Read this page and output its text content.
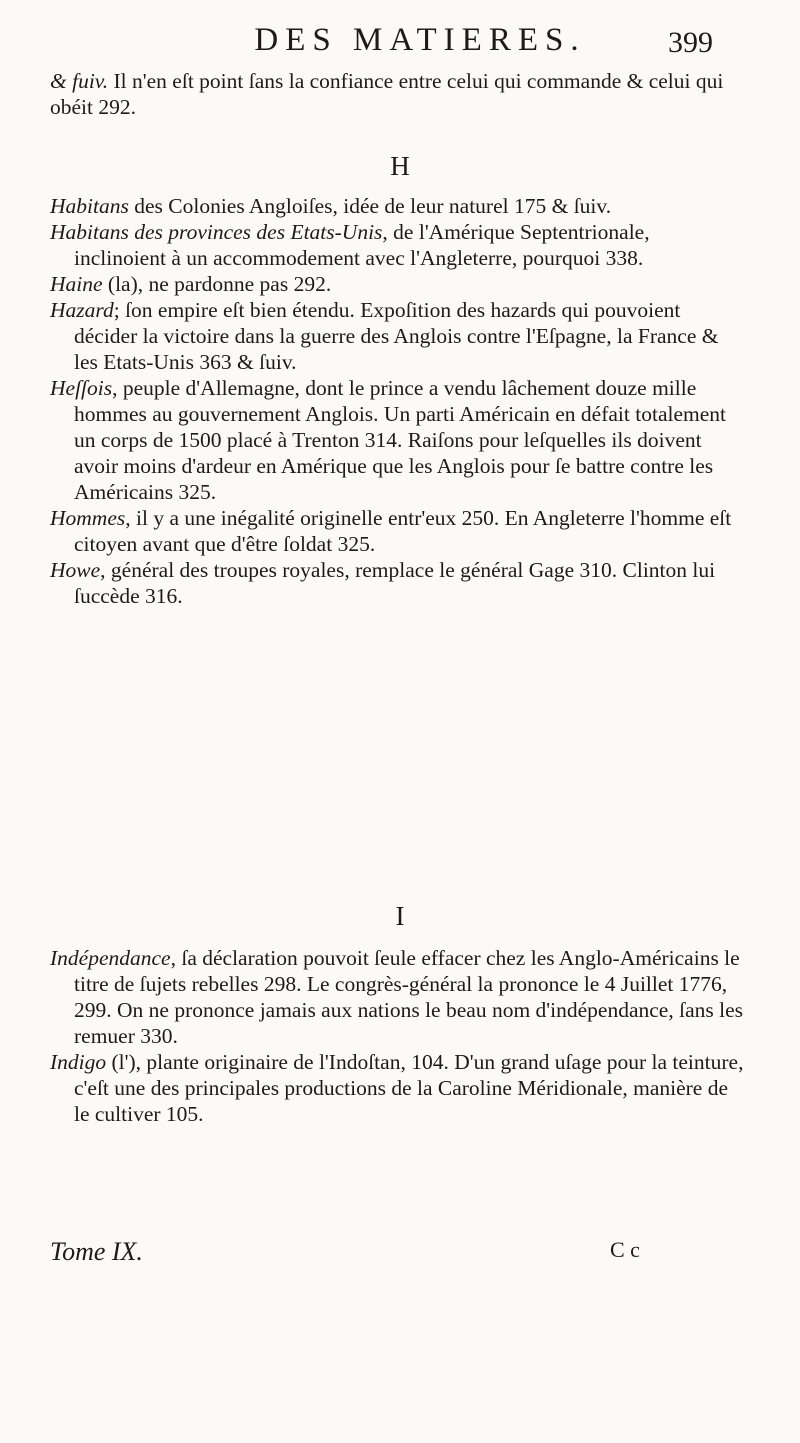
DES MATIERES.	399
& fuiv. Il n'en eſt point ſans la confiance entre celui qui commande & celui qui obéit 292.
H

Habitans des Colonies Angloiſes, idée de leur naturel 175 & ſuiv.

Habitans des provinces des Etats-Unis, de l'Amérique Septentrionale, inclinoient à un accommodement avec l'Angleterre, pourquoi 338.

Haine (la), ne pardonne pas 292.

Hazard; ſon empire eſt bien étendu. Expoſition des hazards qui pouvoient décider la victoire dans la guerre des Anglois contre l'Eſpagne, la France & les Etats-Unis 363 & ſuiv.

Heſſois, peuple d'Allemagne, dont le prince a vendu lâchement douze mille hommes au gouvernement Anglois. Un parti Américain en défait totalement un corps de 1500 placé à Trenton 314. Raiſons pour leſquelles ils doivent avoir moins d'ardeur en Amérique que les Anglois pour ſe battre contre les Américains 325.

Hommes, il y a une inégalité originelle entr'eux 250. En Angleterre l'homme eſt citoyen avant que d'être ſoldat 325.

Howe, général des troupes royales, remplace le général Gage 310. Clinton lui ſuccède 316.

I

Indépendance, ſa déclaration pouvoit ſeule effacer chez les Anglo-Américains le titre de ſujets rebelles 298. Le congrès-général la prononce le 4 Juillet 1776, 299. On ne prononce jamais aux nations le beau nom d'indépendance, ſans les remuer 330.

Indigo (l'), plante originaire de l'Indoſtan, 104. D'un grand uſage pour la teinture, c'eſt une des principales productions de la Caroline Méridionale, manière de le cultiver 105.

Tome IX.	C c
